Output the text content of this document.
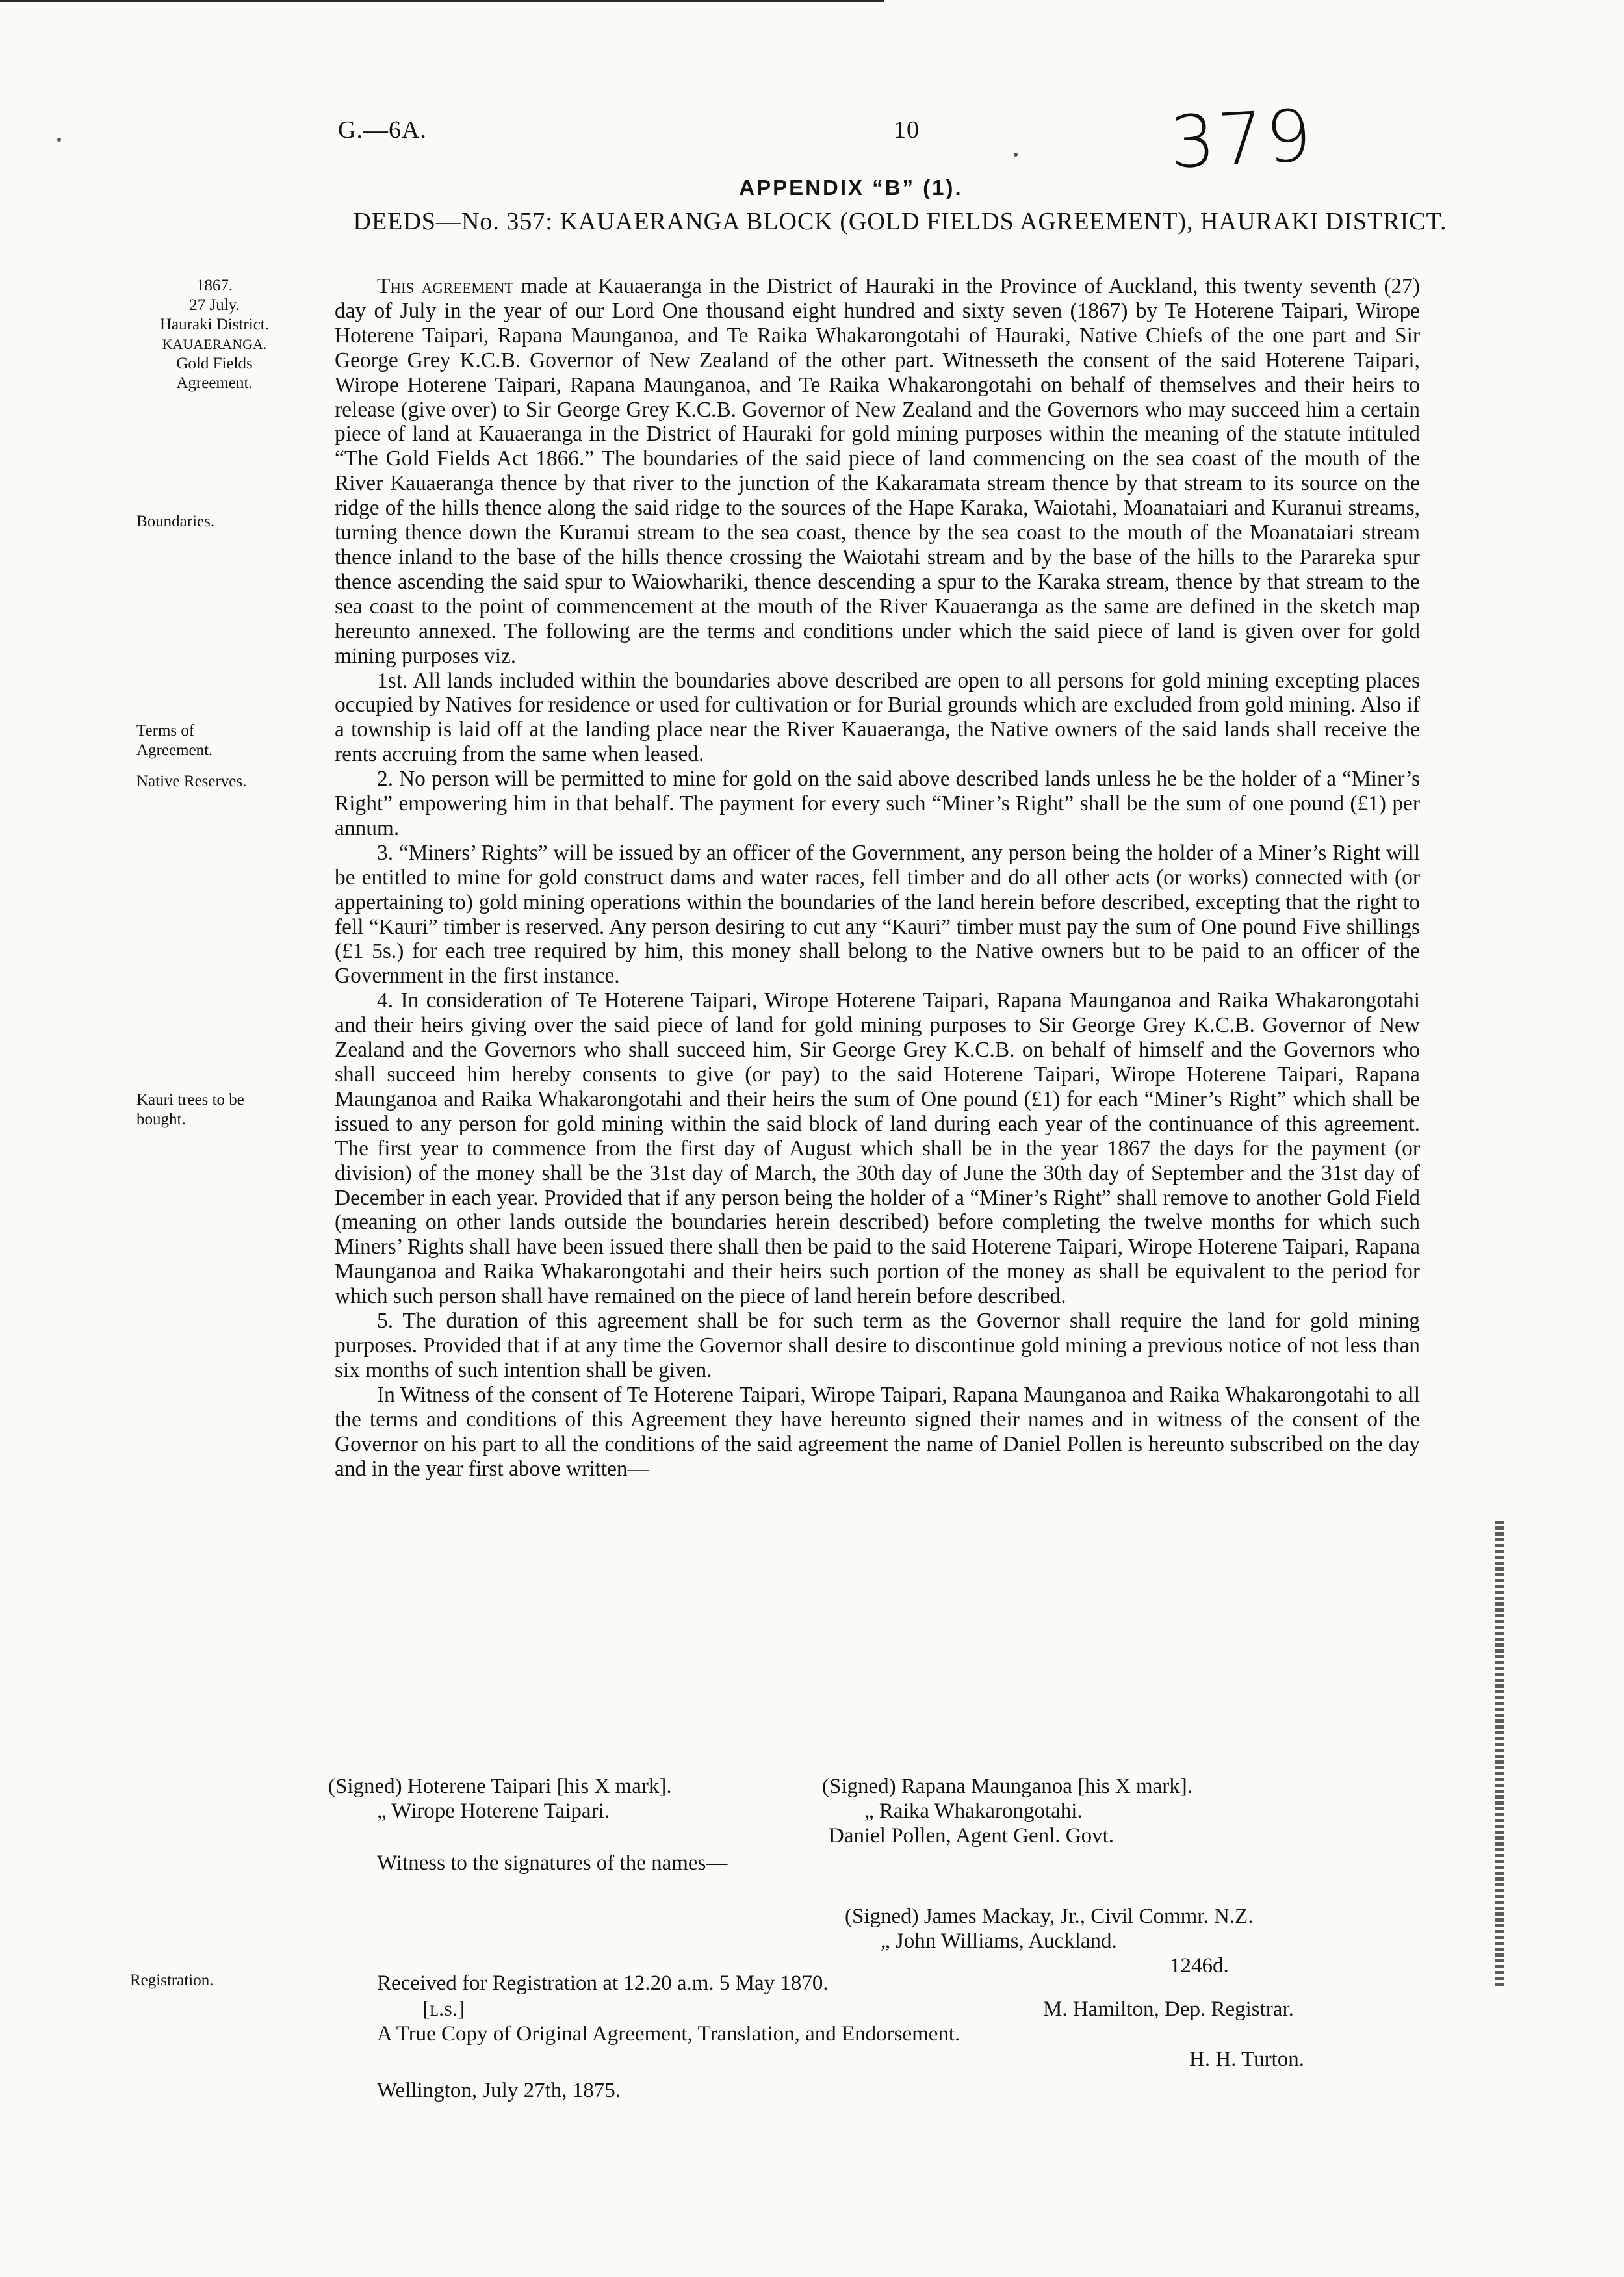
G.—6A.	10	379
APPENDIX “B” (1).
DEEDS—No. 357: KAUAERANGA BLOCK (GOLD FIELDS AGREEMENT), HAURAKI DISTRICT.
1867.
27 July.
Hauraki District.
KAUAERANGA.
Gold Fields
Agreement.
Boundaries.
Terms of
Agreement.
Native Reserves.
Kauri trees to be
bought.
Registration.

This agreement made at Kauaeranga in the District of Hauraki in the Province of Auckland, this twenty seventh (27) day of July in the year of our Lord One thousand eight hundred and sixty seven (1867) by Te Hoterene Taipari, Wirope Hoterene Taipari, Rapana Maunganoa, and Te Raika Whakarongotahi of Hauraki, Native Chiefs of the one part and Sir George Grey K.C.B. Governor of New Zealand of the other part. Witnesseth the consent of the said Hoterene Taipari, Wirope Hoterene Taipari, Rapana Maunganoa, and Te Raika Whakarongotahi on behalf of themselves and their heirs to release (give over) to Sir George Grey K.C.B. Governor of New Zealand and the Governors who may succeed him a certain piece of land at Kauaeranga in the District of Hauraki for gold mining purposes within the meaning of the statute intituled “The Gold Fields Act 1866.” The boundaries of the said piece of land commencing on the sea coast of the mouth of the River Kauaeranga thence by that river to the junction of the Kakaramata stream thence by that stream to its source on the ridge of the hills thence along the said ridge to the sources of the Hape Karaka, Waiotahi, Moanataiari and Kuranui streams, turning thence down the Kuranui stream to the sea coast, thence by the sea coast to the mouth of the Moanataiari stream thence inland to the base of the hills thence crossing the Waiotahi stream and by the base of the hills to the Parareka spur thence ascending the said spur to Waiowhariki, thence descending a spur to the Karaka stream, thence by that stream to the sea coast to the point of commencement at the mouth of the River Kauaeranga as the same are defined in the sketch map hereunto annexed. The following are the terms and conditions under which the said piece of land is given over for gold mining purposes viz.

1st. All lands included within the boundaries above described are open to all persons for gold mining excepting places occupied by Natives for residence or used for cultivation or for Burial grounds which are excluded from gold mining. Also if a township is laid off at the landing place near the River Kauaeranga, the Native owners of the said lands shall receive the rents accruing from the same when leased.

2. No person will be permitted to mine for gold on the said above described lands unless he be the holder of a “Miner’s Right” empowering him in that behalf. The payment for every such “Miner’s Right” shall be the sum of one pound (£1) per annum.

3. “Miners’ Rights” will be issued by an officer of the Government, any person being the holder of a Miner’s Right will be entitled to mine for gold construct dams and water races, fell timber and do all other acts (or works) connected with (or appertaining to) gold mining operations within the boundaries of the land herein before described, excepting that the right to fell “Kauri” timber is reserved. Any person desiring to cut any “Kauri” timber must pay the sum of One pound Five shillings (£1 5s.) for each tree required by him, this money shall belong to the Native owners but to be paid to an officer of the Government in the first instance.

4. In consideration of Te Hoterene Taipari, Wirope Hoterene Taipari, Rapana Maunganoa and Raika Whakarongotahi and their heirs giving over the said piece of land for gold mining purposes to Sir George Grey K.C.B. Governor of New Zealand and the Governors who shall succeed him, Sir George Grey K.C.B. on behalf of himself and the Governors who shall succeed him hereby consents to give (or pay) to the said Hoterene Taipari, Wirope Hoterene Taipari, Rapana Maunganoa and Raika Whakarongotahi and their heirs the sum of One pound (£1) for each “Miner’s Right” which shall be issued to any person for gold mining within the said block of land during each year of the continuance of this agreement. The first year to commence from the first day of August which shall be in the year 1867 the days for the payment (or division) of the money shall be the 31st day of March, the 30th day of June the 30th day of September and the 31st day of December in each year. Provided that if any person being the holder of a “Miner’s Right” shall remove to another Gold Field (meaning on other lands outside the boundaries herein described) before completing the twelve months for which such Miners’ Rights shall have been issued there shall then be paid to the said Hoterene Taipari, Wirope Hoterene Taipari, Rapana Maunganoa and Raika Whakarongotahi and their heirs such portion of the money as shall be equivalent to the period for which such person shall have remained on the piece of land herein before described.

5. The duration of this agreement shall be for such term as the Governor shall require the land for gold mining purposes. Provided that if at any time the Governor shall desire to discontinue gold mining a previous notice of not less than six months of such intention shall be given.

In Witness of the consent of Te Hoterene Taipari, Wirope Taipari, Rapana Maunganoa and Raika Whakarongotahi to all the terms and conditions of this Agreement they have hereunto signed their names and in witness of the consent of the Governor on his part to all the conditions of the said agreement the name of Daniel Pollen is hereunto subscribed on the day and in the year first above written—

(Signed) Hoterene Taipari [his X mark].	(Signed) Rapana Maunganoa [his X mark].
„ Wirope Hoterene Taipari.	„ Raika Whakarongotahi.
Daniel Pollen, Agent Genl. Govt.
Witness to the signatures of the names—
(Signed) James Mackay, Jr., Civil Commr. N.Z.
„ John Williams, Auckland.
1246d.
Received for Registration at 12.20 a.m. 5 May 1870.
[l.s.]	M. Hamilton, Dep. Registrar.
A True Copy of Original Agreement, Translation, and Endorsement.
H. H. Turton.
Wellington, July 27th, 1875.
